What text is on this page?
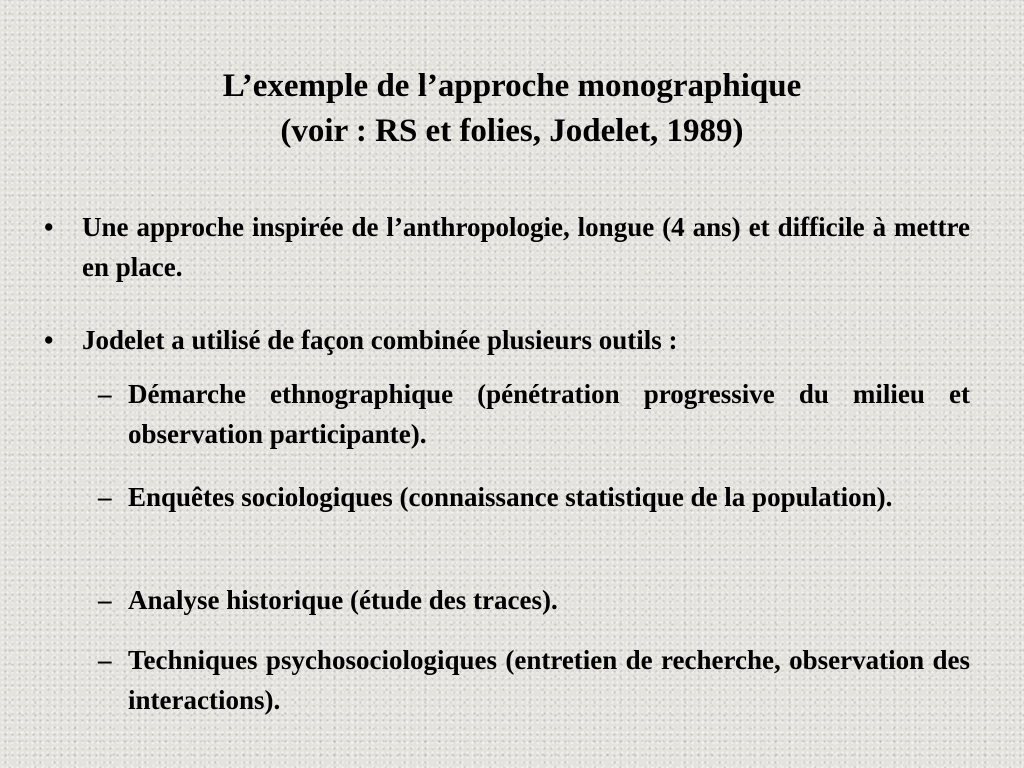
L’exemple de l’approche monographique
(voir : RS et folies, Jodelet, 1989)
• Une approche inspirée de l’anthropologie, longue (4 ans) et difficile à mettre en place.
• Jodelet a utilisé de façon combinée plusieurs outils :
– Démarche ethnographique (pénétration progressive du milieu et observation participante).
– Enquêtes sociologiques (connaissance statistique de la population).
– Analyse historique (étude des traces).
– Techniques psychosociologiques (entretien de recherche, observation des interactions).
